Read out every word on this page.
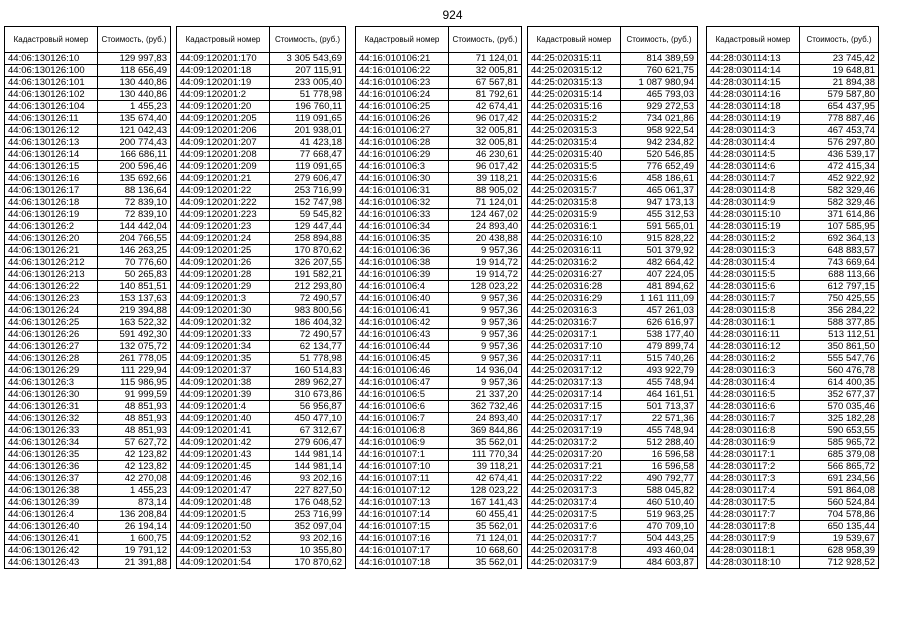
924
Кадастровый номер	Стоимость, (руб.)
44:06:130126:10	129 997,83
44:06:130126:100	118 656,49
44:06:130126:101	130 440,86
44:06:130126:102	130 440,86
44:06:130126:104	1 455,23
44:06:130126:11	135 674,40
44:06:130126:12	121 042,43
44:06:130126:13	200 774,43
44:06:130126:14	166 686,11
44:06:130126:15	200 596,46
44:06:130126:16	135 692,66
44:06:130126:17	88 136,64
44:06:130126:18	72 839,10
44:06:130126:19	72 839,10
44:06:130126:2	144 442,04
44:06:130126:20	204 766,55
44:06:130126:21	146 263,25
44:06:130126:212	70 776,60
44:06:130126:213	50 265,83
44:06:130126:22	140 851,51
44:06:130126:23	153 137,63
44:06:130126:24	219 394,88
44:06:130126:25	163 522,32
44:06:130126:26	591 492,30
44:06:130126:27	132 075,72
44:06:130126:28	261 778,05
44:06:130126:29	111 229,94
44:06:130126:3	115 986,95
44:06:130126:30	91 999,59
44:06:130126:31	48 851,93
44:06:130126:32	48 851,93
44:06:130126:33	48 851,93
44:06:130126:34	57 627,72
44:06:130126:35	42 123,82
44:06:130126:36	42 123,82
44:06:130126:37	42 270,08
44:06:130126:38	1 455,23
44:06:130126:39	873,14
44:06:130126:4	136 208,84
44:06:130126:40	26 194,14
44:06:130126:41	1 600,75
44:06:130126:42	19 791,12
44:06:130126:43	21 391,88
Кадастровый номер	Стоимость, (руб.)
44:09:120201:170	3 305 543,69
44:09:120201:18	207 115,91
44:09:120201:19	233 005,40
44:09:120201:2	51 778,98
44:09:120201:20	196 760,11
44:09:120201:205	119 091,65
44:09:120201:206	201 938,01
44:09:120201:207	41 423,18
44:09:120201:208	77 668,47
44:09:120201:209	119 091,65
44:09:120201:21	279 606,47
44:09:120201:22	253 716,99
44:09:120201:222	152 747,98
44:09:120201:223	59 545,82
44:09:120201:23	129 447,44
44:09:120201:24	258 894,88
44:09:120201:25	170 870,62
44:09:120201:26	326 207,55
44:09:120201:28	191 582,21
44:09:120201:29	212 293,80
44:09:120201:3	72 490,57
44:09:120201:30	983 800,56
44:09:120201:32	186 404,32
44:09:120201:33	72 490,57
44:09:120201:34	62 134,77
44:09:120201:35	51 778,98
44:09:120201:37	160 514,83
44:09:120201:38	289 962,27
44:09:120201:39	310 673,86
44:09:120201:4	56 956,87
44:09:120201:40	450 477,10
44:09:120201:41	67 312,67
44:09:120201:42	279 606,47
44:09:120201:43	144 981,14
44:09:120201:45	144 981,14
44:09:120201:46	93 202,16
44:09:120201:47	227 827,50
44:09:120201:48	176 048,52
44:09:120201:5	253 716,99
44:09:120201:50	352 097,04
44:09:120201:52	93 202,16
44:09:120201:53	10 355,80
44:09:120201:54	170 870,62
Кадастровый номер	Стоимость, (руб.)
44:16:010106:21	71 124,01
44:16:010106:22	32 005,81
44:16:010106:23	67 567,81
44:16:010106:24	81 792,61
44:16:010106:25	42 674,41
44:16:010106:26	96 017,42
44:16:010106:27	32 005,81
44:16:010106:28	32 005,81
44:16:010106:29	46 230,61
44:16:010106:3	96 017,42
44:16:010106:30	39 118,21
44:16:010106:31	88 905,02
44:16:010106:32	71 124,01
44:16:010106:33	124 467,02
44:16:010106:34	24 893,40
44:16:010106:35	20 438,88
44:16:010106:36	9 957,36
44:16:010106:38	19 914,72
44:16:010106:39	19 914,72
44:16:010106:4	128 023,22
44:16:010106:40	9 957,36
44:16:010106:41	9 957,36
44:16:010106:42	9 957,36
44:16:010106:43	9 957,36
44:16:010106:44	9 957,36
44:16:010106:45	9 957,36
44:16:010106:46	14 936,04
44:16:010106:47	9 957,36
44:16:010106:5	21 337,20
44:16:010106:6	362 732,46
44:16:010106:7	24 893,40
44:16:010106:8	369 844,86
44:16:010106:9	35 562,01
44:16:010107:1	111 770,34
44:16:010107:10	39 118,21
44:16:010107:11	42 674,41
44:16:010107:12	128 023,22
44:16:010107:13	167 141,43
44:16:010107:14	60 455,41
44:16:010107:15	35 562,01
44:16:010107:16	71 124,01
44:16:010107:17	10 668,60
44:16:010107:18	35 562,01
Кадастровый номер	Стоимость, (руб.)
44:25:020315:11	814 389,59
44:25:020315:12	760 621,75
44:25:020315:13	1 087 980,94
44:25:020315:14	465 793,03
44:25:020315:16	929 272,53
44:25:020315:2	734 021,86
44:25:020315:3	958 922,54
44:25:020315:4	942 234,82
44:25:020315:40	520 546,85
44:25:020315:5	776 652,49
44:25:020315:6	458 186,61
44:25:020315:7	465 061,37
44:25:020315:8	947 173,13
44:25:020315:9	455 312,53
44:25:020316:1	591 565,01
44:25:020316:10	915 828,22
44:25:020316:11	501 379,92
44:25:020316:2	482 664,42
44:25:020316:27	407 224,05
44:25:020316:28	481 894,62
44:25:020316:29	1 161 111,09
44:25:020316:3	457 261,03
44:25:020316:7	626 616,97
44:25:020317:1	538 177,40
44:25:020317:10	479 899,74
44:25:020317:11	515 740,26
44:25:020317:12	493 922,79
44:25:020317:13	455 748,94
44:25:020317:14	464 161,51
44:25:020317:15	501 713,37
44:25:020317:17	22 571,36
44:25:020317:19	455 748,94
44:25:020317:2	512 288,40
44:25:020317:20	16 596,58
44:25:020317:21	16 596,58
44:25:020317:22	490 792,77
44:25:020317:3	588 045,82
44:25:020317:4	460 510,40
44:25:020317:5	519 963,25
44:25:020317:6	470 709,10
44:25:020317:7	504 443,25
44:25:020317:8	493 460,04
44:25:020317:9	484 603,87
Кадастровый номер	Стоимость, (руб.)
44:28:030114:13	23 745,42
44:28:030114:14	19 648,81
44:28:030114:15	21 894,38
44:28:030114:16	579 587,80
44:28:030114:18	654 437,95
44:28:030114:19	778 887,46
44:28:030114:3	467 453,74
44:28:030114:4	576 297,80
44:28:030114:5	436 539,17
44:28:030114:6	472 415,34
44:28:030114:7	452 922,92
44:28:030114:8	582 329,46
44:28:030114:9	582 329,46
44:28:030115:10	371 614,86
44:28:030115:19	107 585,95
44:28:030115:2	692 364,13
44:28:030115:3	648 883,57
44:28:030115:4	743 669,64
44:28:030115:5	688 113,66
44:28:030115:6	612 797,15
44:28:030115:7	750 425,55
44:28:030115:8	356 284,22
44:28:030116:1	588 377,85
44:28:030116:11	513 112,51
44:28:030116:12	350 861,50
44:28:030116:2	555 547,76
44:28:030116:3	560 476,78
44:28:030116:4	614 400,35
44:28:030116:5	352 677,37
44:28:030116:6	570 035,46
44:28:030116:7	325 182,28
44:28:030116:8	590 653,55
44:28:030116:9	585 965,72
44:28:030117:1	685 379,08
44:28:030117:2	566 865,72
44:28:030117:3	691 234,56
44:28:030117:4	591 864,08
44:28:030117:5	560 524,84
44:28:030117:7	704 578,86
44:28:030117:8	650 135,44
44:28:030117:9	19 539,67
44:28:030118:1	628 958,39
44:28:030118:10	712 928,52
